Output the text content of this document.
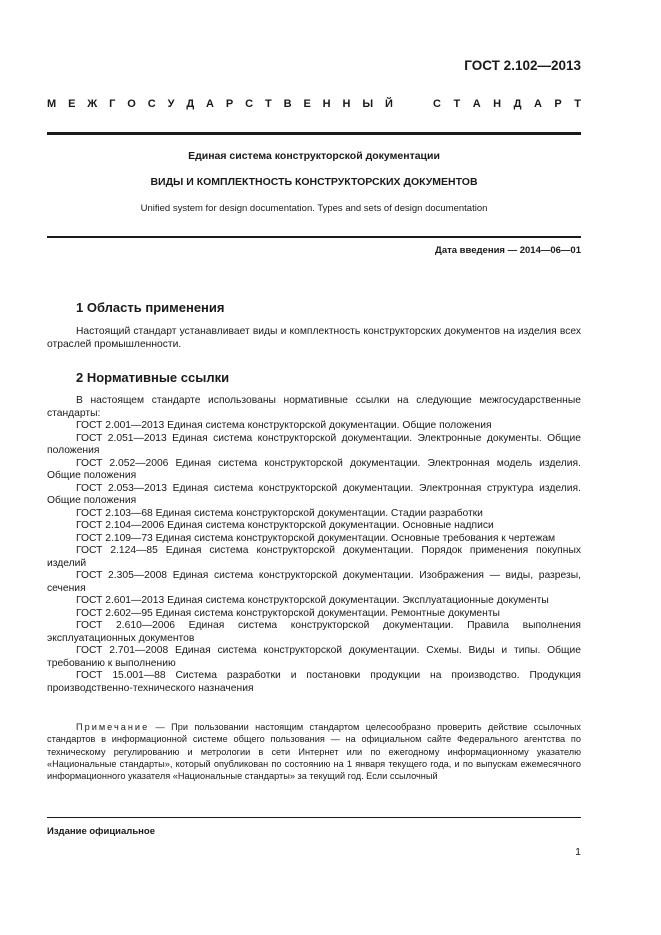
ГОСТ 2.102—2013
М Е Ж Г О С У Д А Р С Т В Е Н Н Ы Й	С Т А Н Д А Р Т
Единая система конструкторской документации
ВИДЫ И КОМПЛЕКТНОСТЬ КОНСТРУКТОРСКИХ ДОКУМЕНТОВ
Unified system for design documentation. Types and sets of design documentation
Дата введения — 2014—06—01
1 Область применения
Настоящий стандарт устанавливает виды и комплектность конструкторских документов на изделия всех отраслей промышленности.
2 Нормативные ссылки
В настоящем стандарте использованы нормативные ссылки на следующие межгосударственные стандарты:

ГОСТ 2.001—2013 Единая система конструкторской документации. Общие положения

ГОСТ 2.051—2013 Единая система конструкторской документации. Электронные документы. Общие положения

ГОСТ 2.052—2006 Единая система конструкторской документации. Электронная модель изделия. Общие положения

ГОСТ 2.053—2013 Единая система конструкторской документации. Электронная структура изделия. Общие положения

ГОСТ 2.103—68 Единая система конструкторской документации. Стадии разработки

ГОСТ 2.104—2006 Единая система конструкторской документации. Основные надписи

ГОСТ 2.109—73 Единая система конструкторской документации. Основные требования к чертежам

ГОСТ 2.124—85 Единая система конструкторской документации. Порядок применения покупных изделий

ГОСТ 2.305—2008 Единая система конструкторской документации. Изображения — виды, разрезы, сечения

ГОСТ 2.601—2013 Единая система конструкторской документации. Эксплуатационные документы

ГОСТ 2.602—95 Единая система конструкторской документации. Ремонтные документы

ГОСТ 2.610—2006 Единая система конструкторской документации. Правила выполнения эксплуатационных документов

ГОСТ 2.701—2008 Единая система конструкторской документации. Схемы. Виды и типы. Общие требованию к выполнению

ГОСТ 15.001—88 Система разработки и постановки продукции на производство. Продукция производственно-технического назначения

Примечание — При пользовании настоящим стандартом целесообразно проверить действие ссылочных стандартов в информационной системе общего пользования — на официальном сайте Федерального агентства по техническому регулированию и метрологии в сети Интернет или по ежегодному информационному указателю «Национальные стандарты», который опубликован по состоянию на 1 января текущего года, и по выпускам ежемесячного информационного указателя «Национальные стандарты» за текущий год. Если ссылочный
Издание официальное
1
